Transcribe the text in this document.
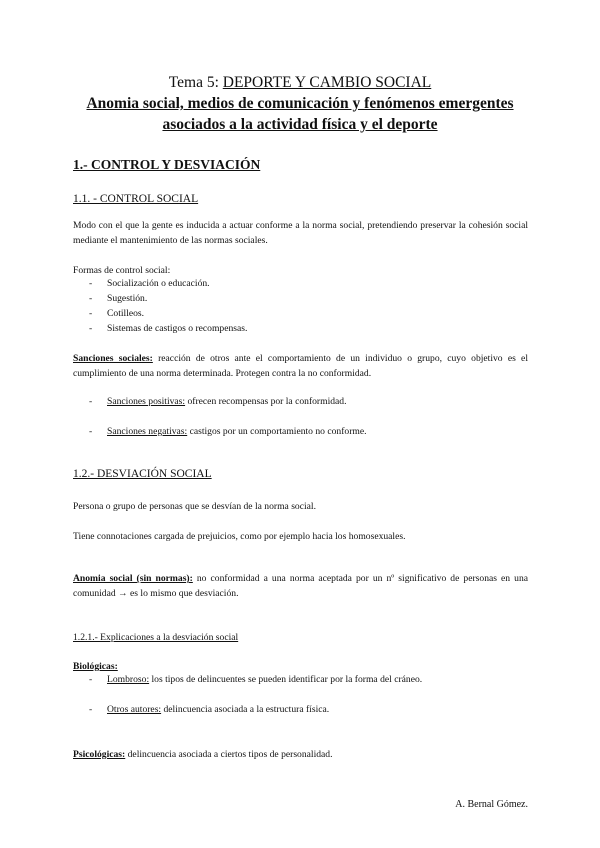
Tema 5: DEPORTE Y CAMBIO SOCIAL
Anomia social, medios de comunicación y fenómenos emergentes
asociados a la actividad física y el deporte
1.- CONTROL Y DESVIACIÓN
1.1. - CONTROL SOCIAL
Modo con el que la gente es inducida a actuar conforme a la norma social, pretendiendo preservar la cohesión social mediante el mantenimiento de las normas sociales.
Formas de control social:
- Socialización o educación.
- Sugestión.
- Cotilleos.
- Sistemas de castigos o recompensas.
Sanciones sociales: reacción de otros ante el comportamiento de un individuo o grupo, cuyo objetivo es el cumplimiento de una norma determinada. Protegen contra la no conformidad.
- Sanciones positivas: ofrecen recompensas por la conformidad.
- Sanciones negativas: castigos por un comportamiento no conforme.
1.2.- DESVIACIÓN SOCIAL
Persona o grupo de personas que se desvían de la norma social.
Tiene connotaciones cargada de prejuicios, como por ejemplo hacia los homosexuales.
Anomia social (sin normas): no conformidad a una norma aceptada por un nº significativo de personas en una comunidad → es lo mismo que desviación.
1.2.1.- Explicaciones a la desviación social
Biológicas:
- Lombroso: los tipos de delincuentes se pueden identificar por la forma del cráneo.
- Otros autores: delincuencia asociada a la estructura física.
Psicológicas: delincuencia asociada a ciertos tipos de personalidad.
A. Bernal Gómez.
